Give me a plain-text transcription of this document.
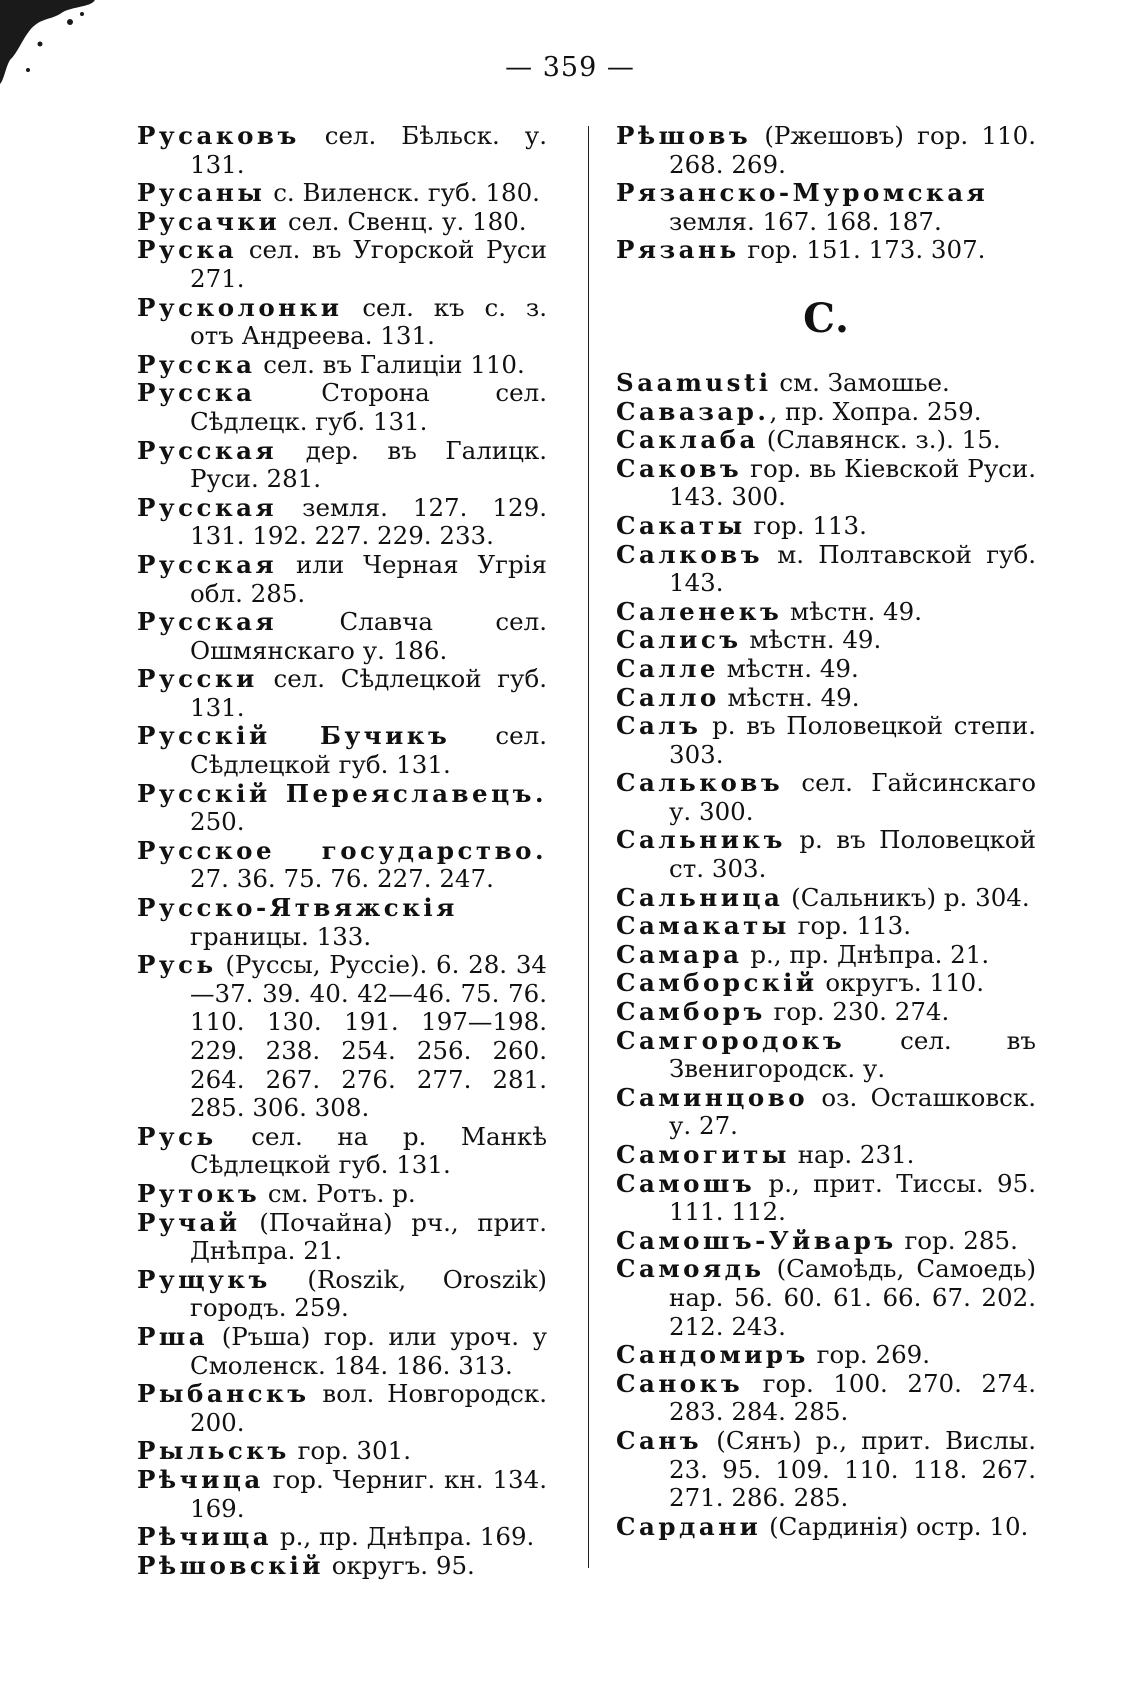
— 359 —
Русаковъ сел. Бѣльск. у. 131.
Русаны с. Виленск. губ. 180.
Русачки сел. Свенц. у. 180.
Руска сел. въ Угорской Руси 271.
Русколонки сел. къ с. з. отъ Андреева. 131.
Русска сел. въ Галиціи 110.
Русска Сторона сел. Сѣдлецк. губ. 131.
Русская дер. въ Галицк. Руси. 281.
Русская земля. 127. 129. 131. 192. 227. 229. 233.
Русская или Черная Угрія обл. 285.
Русская Славча сел. Ошмянскаго у. 186.
Русски сел. Сѣдлецкой губ. 131.
Русскій Бучикъ сел. Сѣдлецкой губ. 131.
Русскій Переяславецъ. 250.
Русское государство. 27. 36. 75. 76. 227. 247.
Русско-Ятвяжскія границы. 133.
Русь (Руссы, Руссіе). 6. 28. 34—37. 39. 40. 42—46. 75. 76. 110. 130. 191. 197—198. 229. 238. 254. 256. 260. 264. 267. 276. 277. 281. 285. 306. 308.
Русь сел. на р. Манкѣ Сѣдлецкой губ. 131.
Рутокъ см. Ротъ. р.
Ручай (Почайна) рч., прит. Днѣпра. 21.
Рущукъ (Roszik, Oroszik) городъ. 259.
Рша (Ръша) гор. или уроч. у Смоленск. 184. 186. 313.
Рыбанскъ вол. Новгородск. 200.
Рыльскъ гор. 301.
Рѣчица гор. Черниг. кн. 134. 169.
Рѣчища р., пр. Днѣпра. 169.
Рѣшовскій округъ. 95.
Рѣшовъ (Ржешовъ) гор. 110. 268. 269.
Рязанско-Муромская земля. 167. 168. 187.
Рязань гор. 151. 173. 307.
С.
Saamusti см. Замошье.
Савазар., пр. Хопра. 259.
Саклаба (Славянск. з.). 15.
Саковъ гор. вь Кіевской Руси. 143. 300.
Сакаты гор. 113.
Салковъ м. Полтавской губ. 143.
Саленекъ мѣстн. 49.
Салисъ мѣстн. 49.
Салле мѣстн. 49.
Салло мѣстн. 49.
Салъ р. въ Половецкой степи. 303.
Сальковъ сел. Гайсинскаго у. 300.
Сальникъ р. въ Половецкой ст. 303.
Сальница (Сальникъ) р. 304.
Самакаты гор. 113.
Самара р., пр. Днѣпра. 21.
Самборскій округъ. 110.
Самборъ гор. 230. 274.
Самгородокъ сел. въ Звенигородск. у.
Саминцово оз. Осташковск. у. 27.
Самогиты нар. 231.
Самошъ р., прит. Тиссы. 95. 111. 112.
Самошъ-Уйваръ гор. 285.
Самоядь (Самоѣдь, Самоедь) нар. 56. 60. 61. 66. 67. 202. 212. 243.
Сандомиръ гор. 269.
Санокъ гор. 100. 270. 274. 283. 284. 285.
Санъ (Сянъ) р., прит. Вислы. 23. 95. 109. 110. 118. 267. 271. 286. 285.
Сардани (Сардинія) остр. 10.
